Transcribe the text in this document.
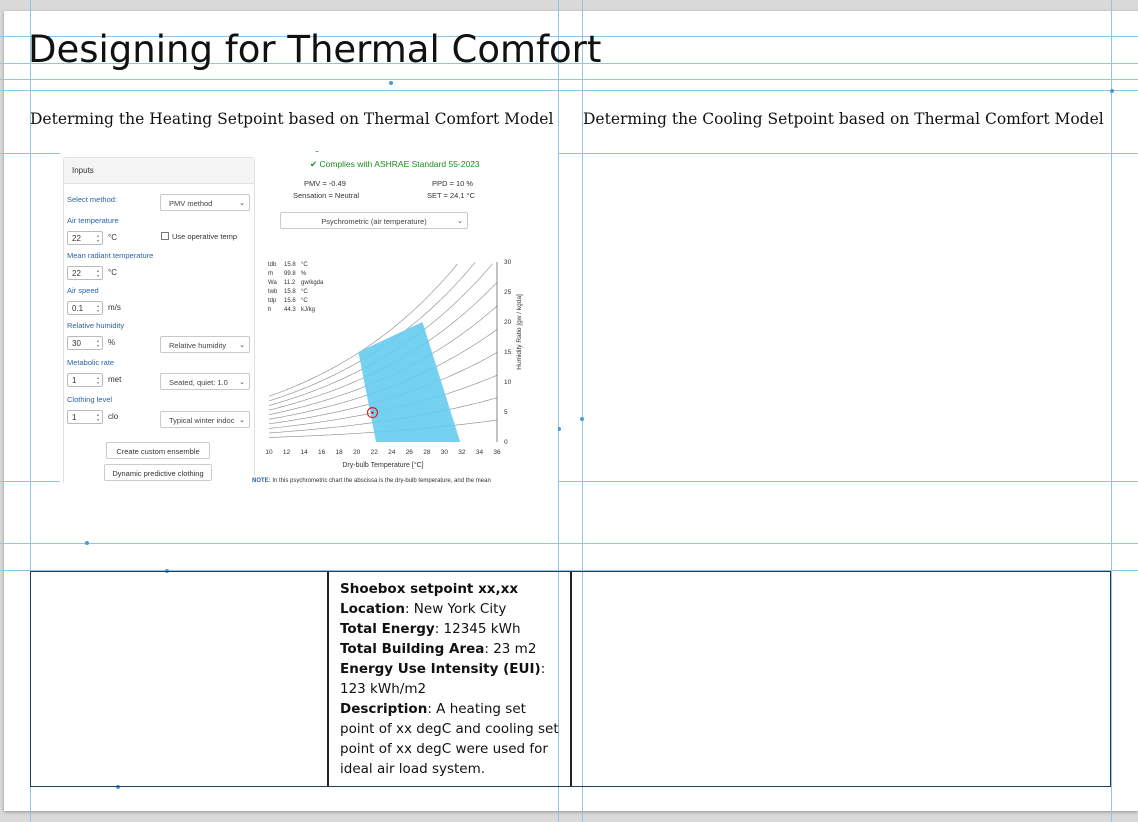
Designing for Thermal Comfort
Determing the Heating Setpoint based on Thermal Comfort Model Determing the Cooling Setpoint based on Thermal Comfort Model
Inputs
Select method:	PMV method	⌄
Air temperature
22	▴
▾ °C	Use operative temp
Mean radiant temperature
22	▴
▾ °C
Air speed
0.1	▴
▾ m/s
Relative humidity
30	▴
▾ %	Relative humidity ⌄
Metabolic rate
1	▴
▾ met	Seated, quiet: 1.0 ⌄
Clothing level
1	▴
▾ clo	Typical winter indoc ⌄
Create custom ensemble
Dynamic predictive clothing
✔ Complies with ASHRAE Standard 55-2023
PMV = -0.49	PPD = 10 %
Sensation = Neutral	SET = 24.1 °C
Psychrometric (air temperature)	⌄
tdb 15.8 °C
rh 99.8 %
Wa 11.2 gw/kgda
twb 15.8 °C
tdp 15.6 °C
h 44.3 kJ/kg
10 12 14 16 18 20 22 24 26 28 30 32 34 36
0
5
10
15
20
25
30
Dry-bulb Temperature [°C]
Humidity Ratio [gw / kgda]
NOTE: In this psychrometric chart the abscissa is the dry-bulb temperature, and the mean
Shoebox setpoint xx,xx
Location: New York City
Total Energy: 12345 kWh
Total Building Area: 23 m2
Energy Use Intensity (EUI): 123 kWh/m2
Description: A heating set point of xx degC and cooling set point of xx degC were used for ideal air load system.
